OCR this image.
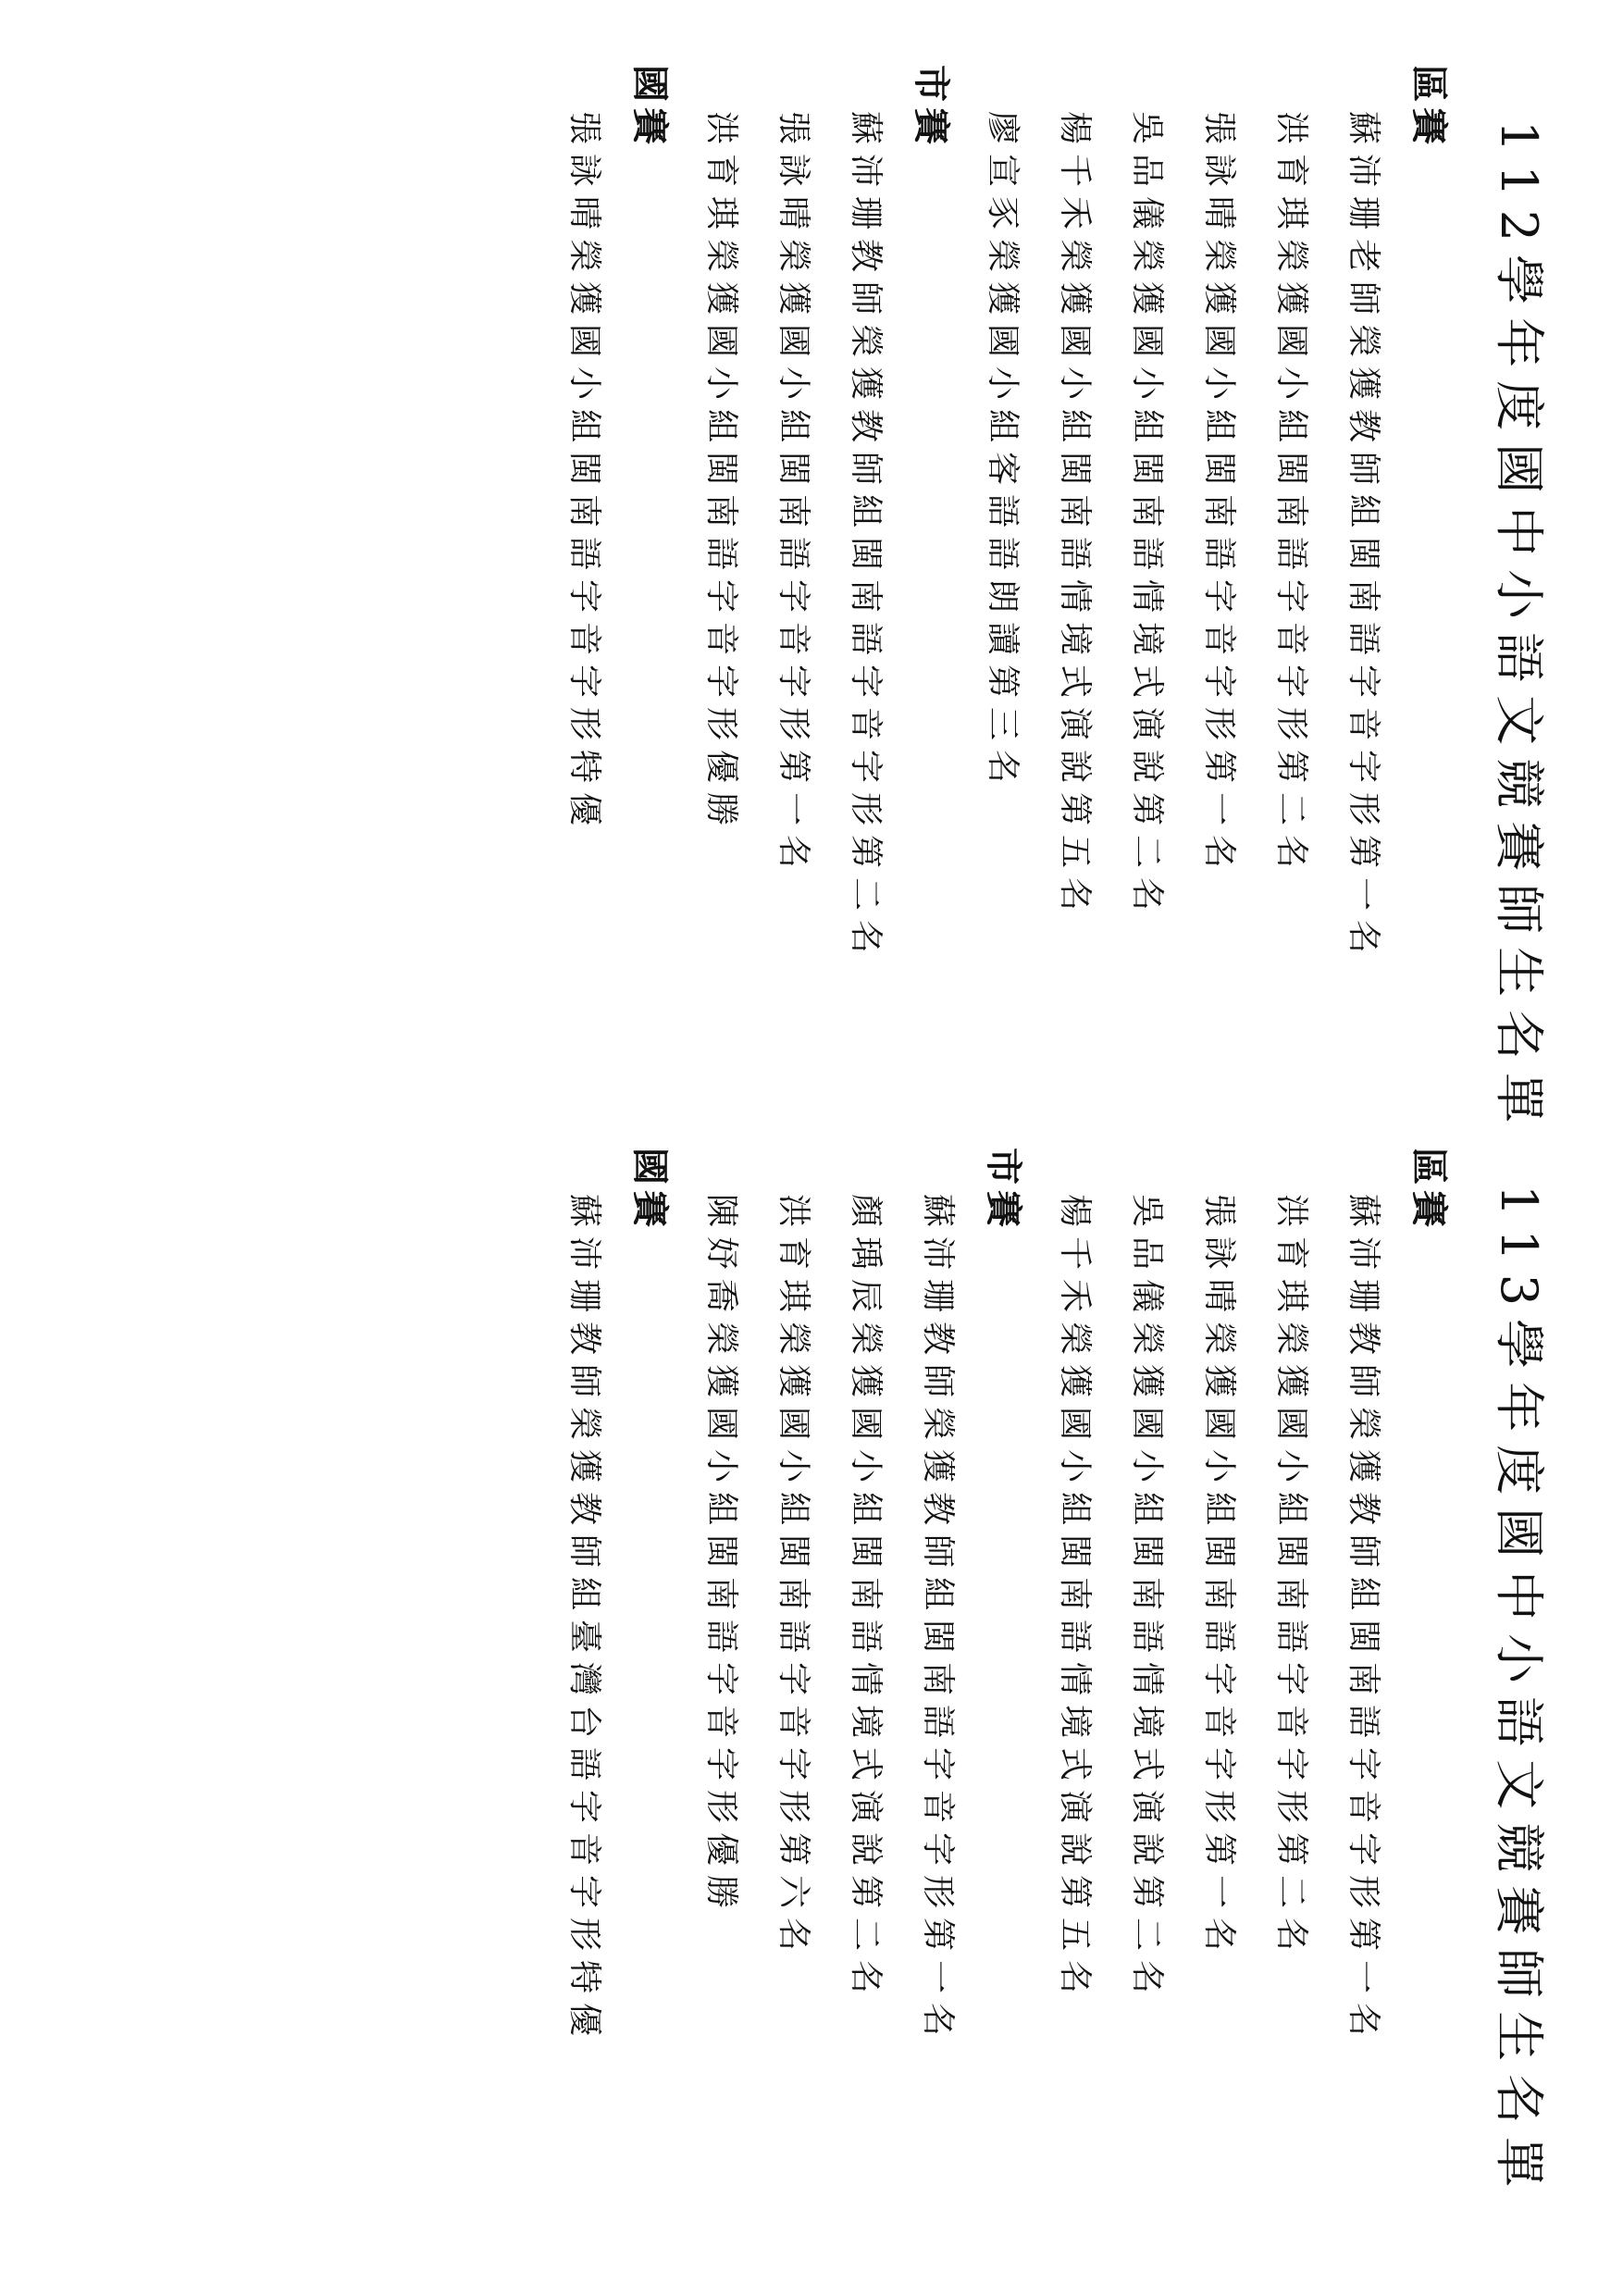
112學年度國中小語文競賽師生名單
區賽
蘇沛珊老師榮獲教師組閩南語字音字形第一名
洪育琪榮獲國小組閩南語字音字形第二名
張詠晴榮獲國小組閩南語字音字形第一名
吳品儀榮獲國小組閩南語情境式演說第二名
楊千禾榮獲國小組閩南語情境式演說第五名
廖宣豕榮獲國小組客語語朗讀第三名
市賽
蘇沛珊教師榮獲教師組閩南語字音字形第二名
張詠晴榮獲國小組閩南語字音字形第一名
洪育琪榮獲國小組閩南語字音字形優勝
國賽
張詠晴榮獲國小組閩南語字音字形特優
113學年度國中小語文競賽師生名單
區賽
蘇沛珊教師榮獲教師組閩南語字音字形第一名
洪育琪榮獲國小組閩南語字音字形第二名
張詠晴榮獲國小組閩南語字音字形第一名
吳品儀榮獲國小組閩南語情境式演說第二名
楊千禾榮獲國小組閩南語情境式演說第五名
市賽
蘇沛珊教師榮獲教師組閩南語字音字形第一名
顏瑀辰榮獲國小組閩南語情境式演說第二名
洪育琪榮獲國小組閩南語字音字形第六名
陳妤喬榮獲國小組閩南語字音字形優勝
國賽
蘇沛珊教師榮獲教師組臺灣台語字音字形特優
